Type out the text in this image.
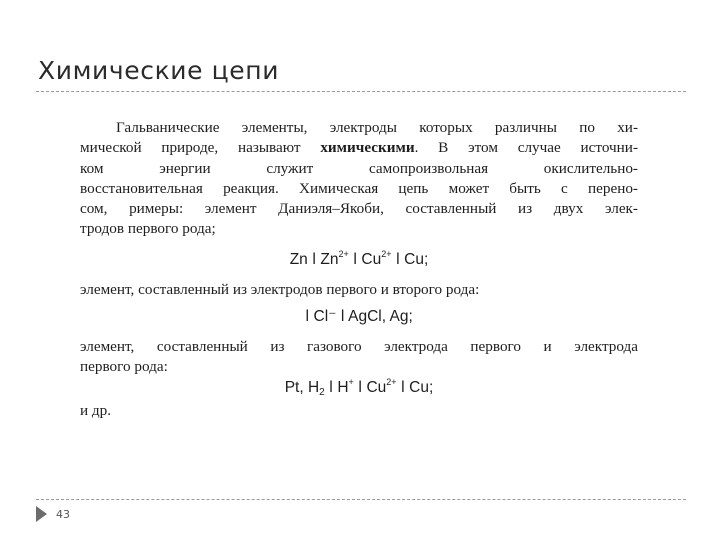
Химические цепи
Гальванические элементы, электроды которых различны по хи-
мической природе, называют химическими. В этом случае источни-
ком энергии служит самопроизвольная окислительно-
восстановительная реакция. Химическая цепь может быть с перено-
сом, римеры: элемент Даниэля–Якоби, составленный из двух элек-
тродов первого рода;
Zn ǀ $Zn^{2+}$ ǀ $Cu^{2+}$ ǀ Cu;
элемент, составленный из электродов первого и второго рода:
ǀ Cl⁻ ǀ AgCl, Ag;
элемент, составленный из газового электрода первого и электрода
первого рода:
Pt, $H_2$ ǀ H+ ǀ $Cu^{2+}$ ǀ Cu;
и др.
43
